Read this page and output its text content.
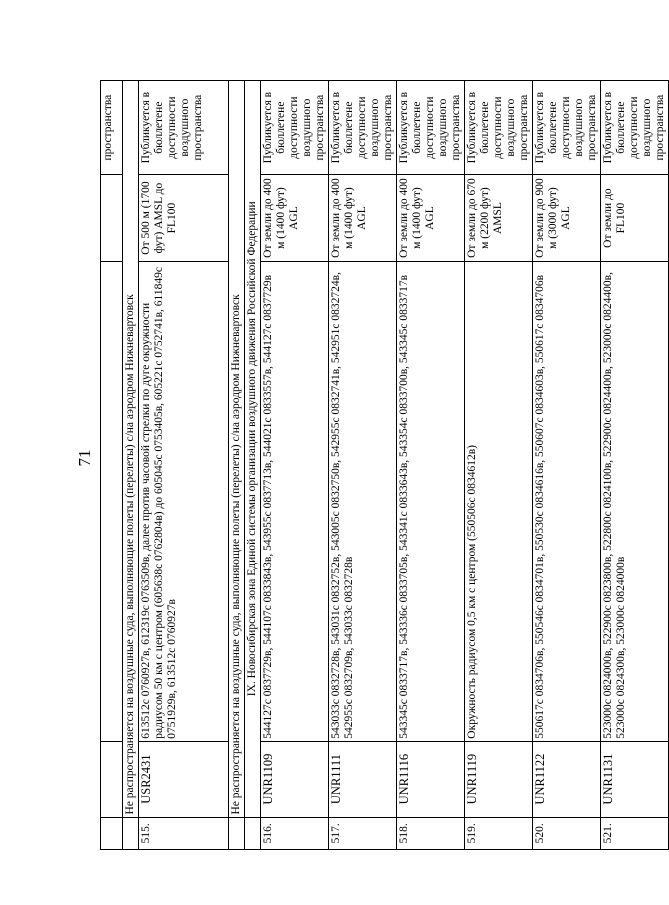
71
				пространства
	Не распространяется на воздушные суда, выполняющие полеты (перелеты) с/на аэродром Нижневартовск			
515.	USR2431	613512с 0760927в, 612319с 0763509в, далее против часовой стрелки по дуге окружности радиусом 50 км с центром (605638с 0762804в) до 605045с 0753405в, 605221с 0752741в, 611849с 0751929в, 613512с 0760927в	От 500 м (1700 фут) AMSL до FL100	Публикуется в бюллетене доступности воздушного пространства
	Не распространяется на воздушные суда, выполняющие полеты (перелеты) с/на аэродром Нижневартовск			
	IX. Новосибирская зона Единой системы организации воздушного движения Российской Федерации			
516.	UNR1109	544127с 0837729в, 544107с 0833843в, 543955с 0837713в, 544021с 0833557в, 544127с 0837729в	От земли до 400 м (1400 фут) AGL	Публикуется в бюллетене доступности воздушного пространства
517.	UNR1111	543033с 0832728в, 543031с 0832752в, 543005с 0832750в, 542955с 0832741в, 542951с 0832724в, 542955с 0832709в, 543033с 0832728в	От земли до 400 м (1400 фут) AGL	Публикуется в бюллетене доступности воздушного пространства
518.	UNR1116	543345с 0833717в, 543336с 0833705в, 543341с 0833643в, 543354с 0833700в, 543345с 0833717в	От земли до 400 м (1400 фут) AGL	Публикуется в бюллетене доступности воздушного пространства
519.	UNR1119	Окружность радиусом 0,5 км с центром (550506с 0834612в)	От земли до 670 м (2200 фут) AMSL	Публикуется в бюллетене доступности воздушного пространства
520.	UNR1122	550617с 0834706в, 550546с 0834701в, 550530с 0834616в, 550607с 0834603в, 550617с 0834706в	От земли до 900 м (3000 фут) AGL	Публикуется в бюллетене доступности воздушного пространства
521.	UNR1131	523000с 0824000в, 522900с 0823800в, 522800с 0824100в, 522900с 0824400в, 523000с 0824400в, 523000с 0824300в, 523000с 0824000в	От земли до FL100	Публикуется в бюллетене доступности воздушного пространства
